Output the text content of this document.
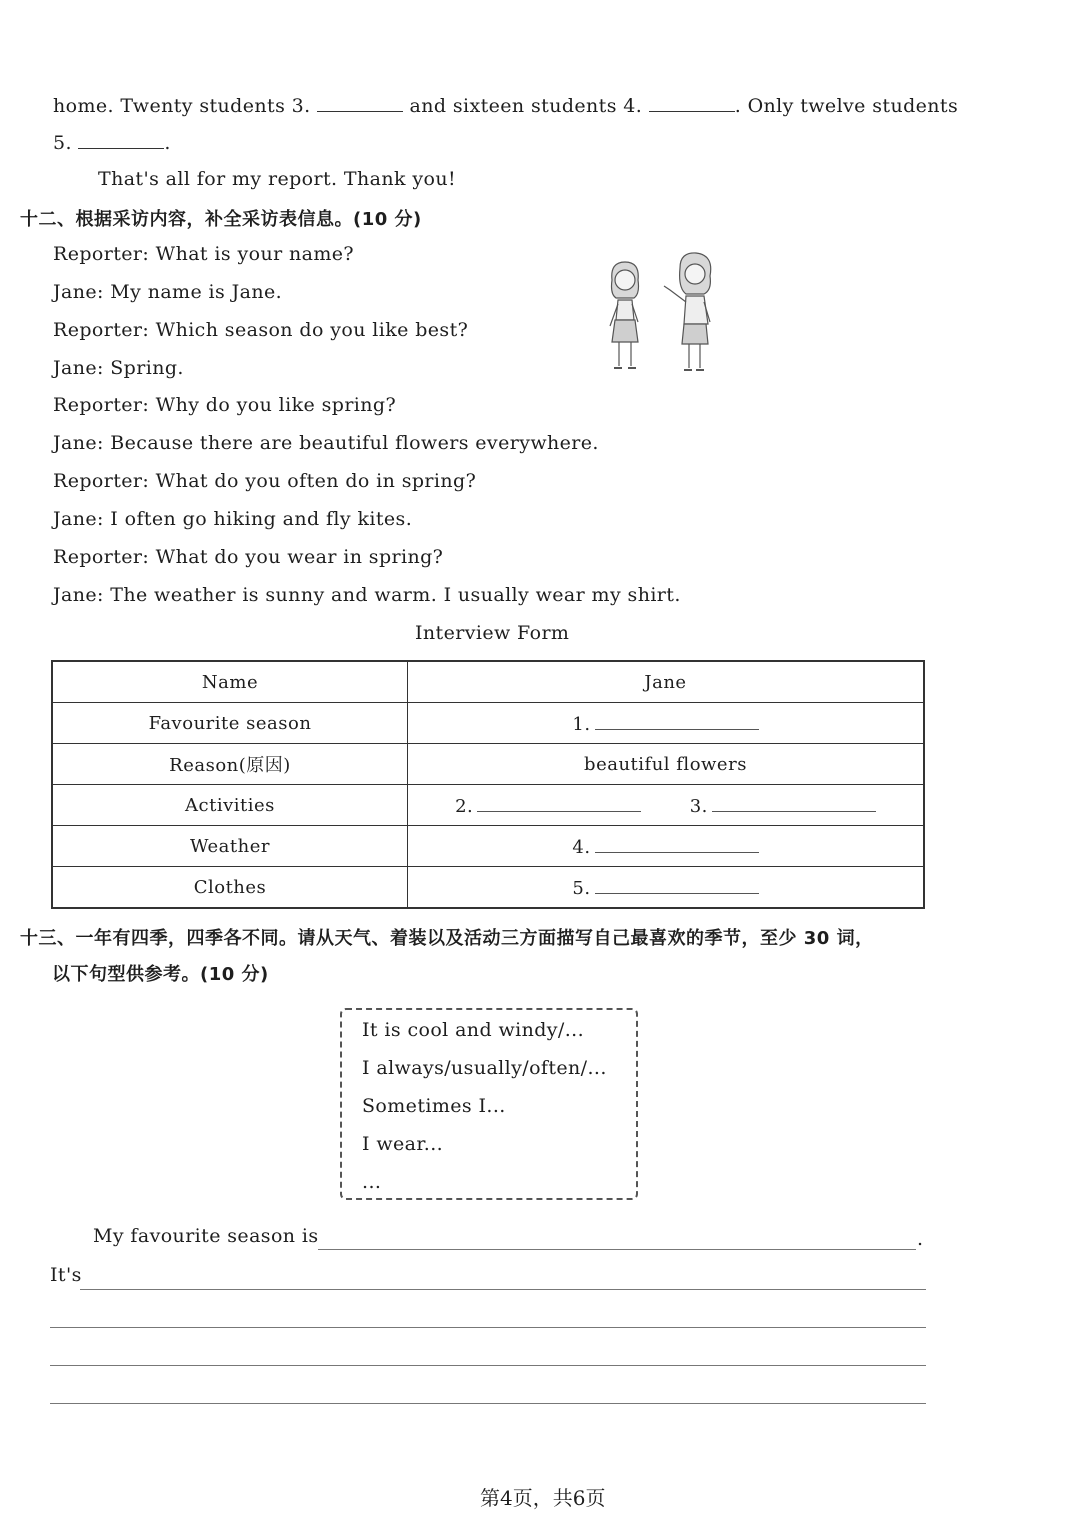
home. Twenty students 3.	and sixteen students 4.	. Only twelve students
5.	.
That's all for my report. Thank you!
十二、根据采访内容，补全采访表信息。(10 分)
Reporter: What is your name?
Jane: My name is Jane.
Reporter: Which season do you like best?
Jane: Spring.
Reporter: Why do you like spring?
Jane: Because there are beautiful flowers everywhere.
Reporter: What do you often do in spring?
Jane: I often go hiking and fly kites.
Reporter: What do you wear in spring?
Jane: The weather is sunny and warm. I usually wear my shirt.
Interview Form
Name	Jane
Favourite season	1.
Reason(原因)	beautiful flowers
Activities	2. 3.
Weather	4.
Clothes	5.
十三、一年有四季，四季各不同。请从天气、着装以及活动三方面描写自己最喜欢的季节，至少 30 词，
以下句型供参考。(10 分)
It is cool and windy/...
I always/usually/often/...
Sometimes I...
I wear...
...
My favourite season is	.
It's
第4页，共6页
